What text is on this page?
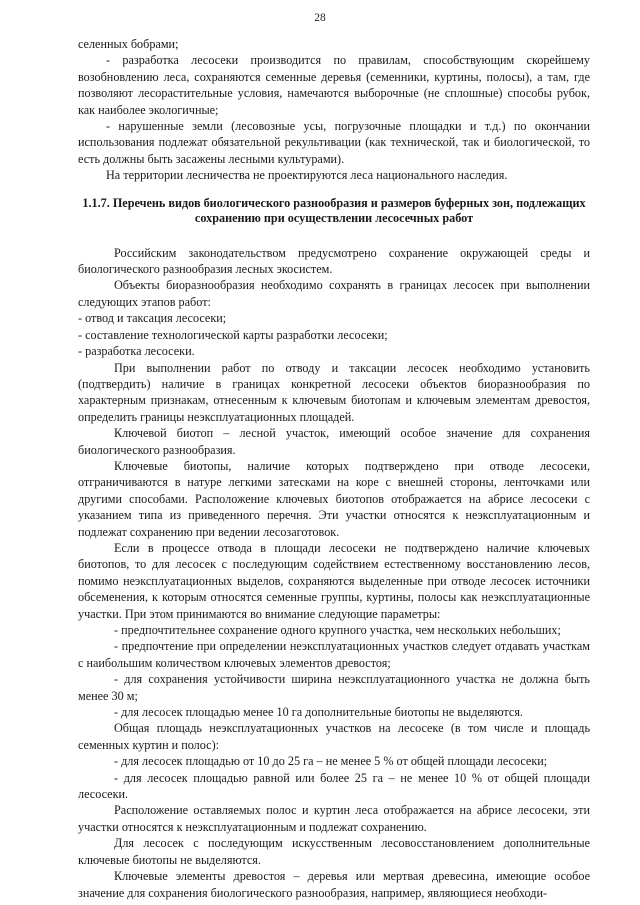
28

селенных бобрами;

- разработка лесосеки производится по правилам, способствующим скорейшему возобновлению леса, сохраняются семенные деревья (семенники, куртины, полосы), а там, где позволяют лесорастительные условия, намечаются выборочные (не сплошные) способы рубок, как наиболее экологичные;

- нарушенные земли (лесовозные усы, погрузочные площадки и т.д.) по окончании использования подлежат обязательной рекультивации (как технической, так и биологической, то есть должны быть засажены лесными культурами).

На территории лесничества не проектируются леса национального наследия.

1.1.7. Перечень видов биологического разнообразия и размеров буферных зон, подлежащих сохранению при осуществлении лесосечных работ

Российским законодательством предусмотрено сохранение окружающей среды и биологического разнообразия лесных экосистем.

Объекты биоразнообразия необходимо сохранять в границах лесосек при выполнении следующих этапов работ:

- отвод и таксация лесосеки;

- составление технологической карты разработки лесосеки;

- разработка лесосеки.

При выполнении работ по отводу и таксации лесосек необходимо установить (подтвердить) наличие в границах конкретной лесосеки объектов биоразнообразия по характерным признакам, отнесенным к ключевым биотопам и ключевым элементам древостоя, определить границы неэксплуатационных площадей.

Ключевой биотоп – лесной участок, имеющий особое значение для сохранения биологического разнообразия.

Ключевые биотопы, наличие которых подтверждено при отводе лесосеки, отграничиваются в натуре легкими затесками на коре с внешней стороны, ленточками или другими способами. Расположение ключевых биотопов отображается на абрисе лесосеки с указанием типа из приведенного перечня. Эти участки относятся к неэксплуатационным и подлежат сохранению при ведении лесозаготовок.

Если в процессе отвода в площади лесосеки не подтверждено наличие ключевых биотопов, то для лесосек с последующим содействием естественному восстановлению лесов, помимо неэксплуатационных выделов, сохраняются выделенные при отводе лесосек источники обсеменения, к которым относятся семенные группы, куртины, полосы как неэксплуатационные участки. При этом принимаются во внимание следующие параметры:

- предпочтительнее сохранение одного крупного участка, чем нескольких небольших;

- предпочтение при определении неэксплуатационных участков следует отдавать участкам с наибольшим количеством ключевых элементов древостоя;

- для сохранения устойчивости ширина неэксплуатационного участка не должна быть менее 30 м;

- для лесосек площадью менее 10 га дополнительные биотопы не выделяются.

Общая площадь неэксплуатационных участков на лесосеке (в том числе и площадь семенных куртин и полос):

- для лесосек площадью от 10 до 25 га – не менее 5 % от общей площади лесосеки;

- для лесосек площадью равной или более 25 га – не менее 10 % от общей площади лесосеки.

Расположение оставляемых полос и куртин леса отображается на абрисе лесосеки, эти участки относятся к неэксплуатационным и подлежат сохранению.

Для лесосек с последующим искусственным лесовосстановлением дополнительные ключевые биотопы не выделяются.

Ключевые элементы древостоя – деревья или мертвая древесина, имеющие особое значение для сохранения биологического разнообразия, например, являющиеся необходи-
